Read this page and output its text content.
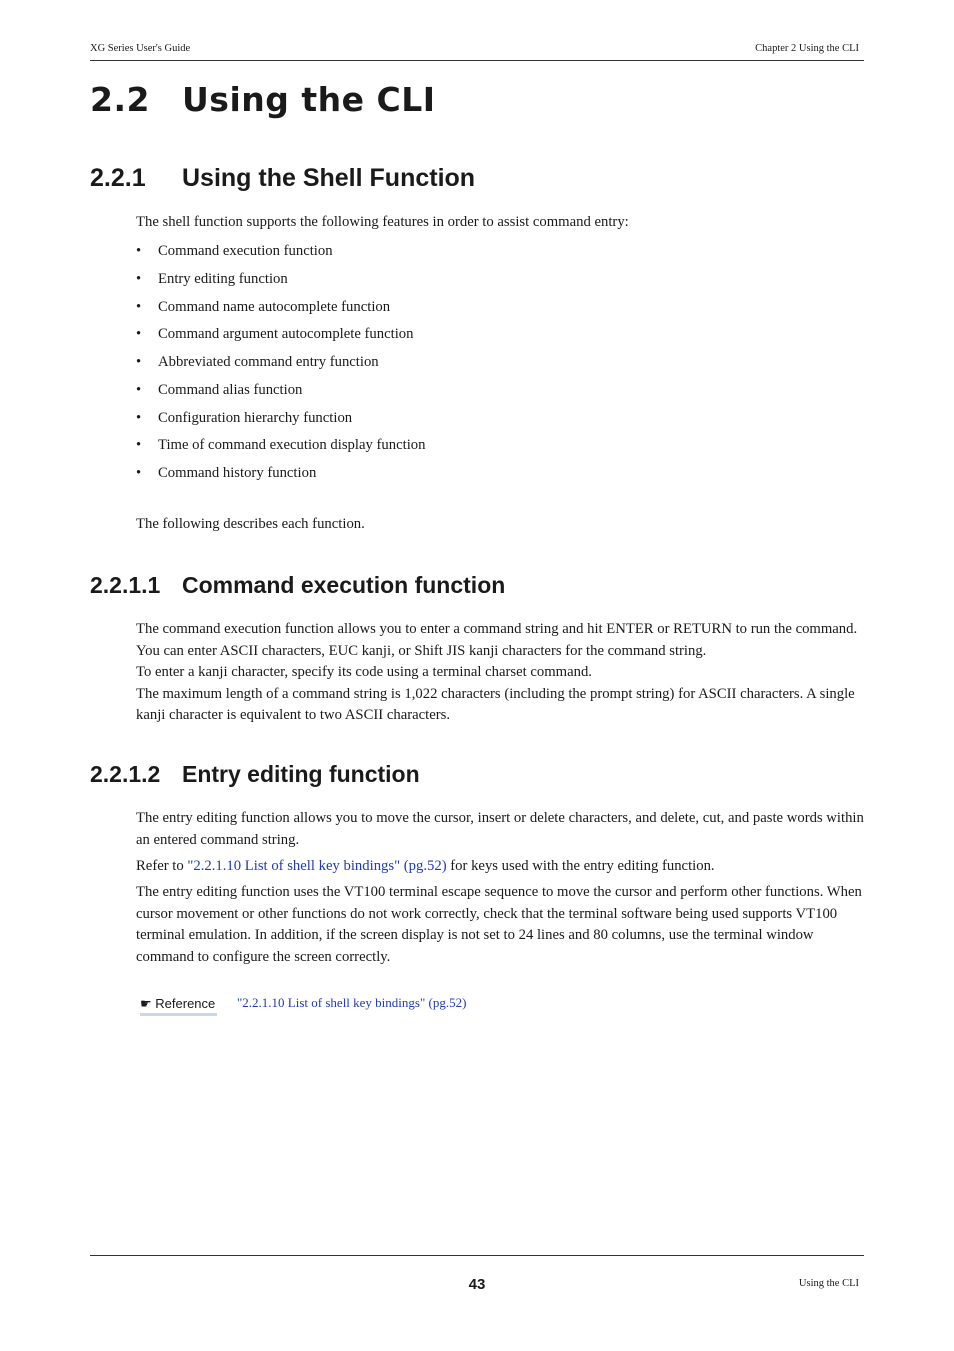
XG Series User's Guide	Chapter 2 Using the CLI
2.2 Using the CLI
2.2.1 Using the Shell Function
The shell function supports the following features in order to assist command entry:
• Command execution function
• Entry editing function
• Command name autocomplete function
• Command argument autocomplete function
• Abbreviated command entry function
• Command alias function
• Configuration hierarchy function
• Time of command execution display function
• Command history function
The following describes each function.
2.2.1.1 Command execution function
The command execution function allows you to enter a command string and hit ENTER or RETURN to run the command.
You can enter ASCII characters, EUC kanji, or Shift JIS kanji characters for the command string.
To enter a kanji character, specify its code using a terminal charset command.
The maximum length of a command string is 1,022 characters (including the prompt string) for ASCII characters. A single kanji character is equivalent to two ASCII characters.
2.2.1.2 Entry editing function
The entry editing function allows you to move the cursor, insert or delete characters, and delete, cut, and paste words within an entered command string.
Refer to "2.2.1.10 List of shell key bindings" (pg.52) for keys used with the entry editing function.
The entry editing function uses the VT100 terminal escape sequence to move the cursor and perform other functions. When cursor movement or other functions do not work correctly, check that the terminal software being used supports VT100 terminal emulation. In addition, if the screen display is not set to 24 lines and 80 columns, use the terminal window command to configure the screen correctly.
☛ Reference "2.2.1.10 List of shell key bindings" (pg.52)
43	Using the CLI
